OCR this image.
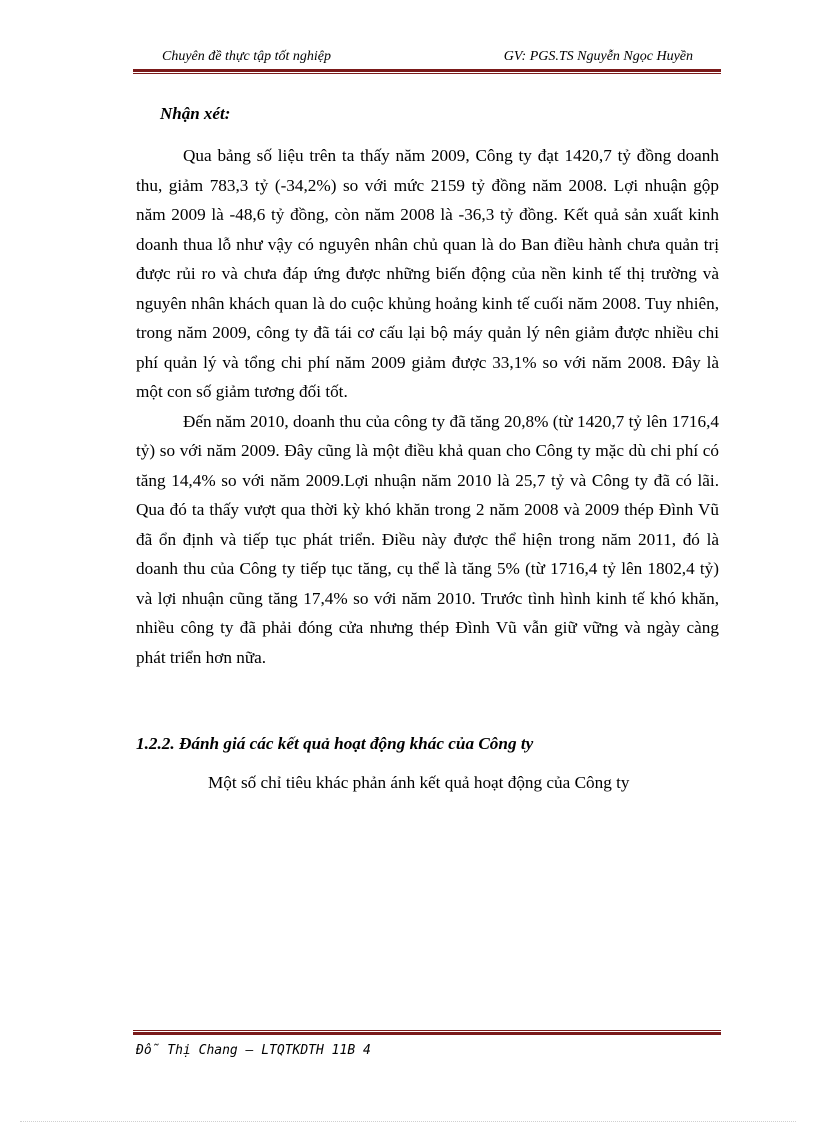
Chuyên đề thực tập tốt nghiệp	GV: PGS.TS Nguyễn Ngọc Huyền
Nhận xét:

Qua bảng số liệu trên ta thấy năm 2009, Công ty đạt 1420,7 tỷ đồng doanh thu, giảm 783,3 tỷ (-34,2%) so với mức 2159 tỷ đồng năm 2008. Lợi nhuận gộp năm 2009 là -48,6 tỷ đồng, còn năm 2008 là -36,3 tỷ đồng. Kết quả sản xuất kinh doanh thua lỗ như vậy có nguyên nhân chủ quan là do Ban điều hành chưa quản trị được rủi ro và chưa đáp ứng được những biến động của nền kinh tế thị trường và nguyên nhân khách quan là do cuộc khủng hoảng kinh tế cuối năm 2008. Tuy nhiên, trong năm 2009, công ty đã tái cơ cấu lại bộ máy quản lý nên giảm được nhiều chi phí quản lý và tổng chi phí năm 2009 giảm được 33,1% so với năm 2008. Đây là một con số giảm tương đối tốt.

Đến năm 2010, doanh thu của công ty đã tăng 20,8% (từ 1420,7 tỷ lên 1716,4 tỷ) so với năm 2009. Đây cũng là một điều khả quan cho Công ty mặc dù chi phí có tăng 14,4% so với năm 2009.Lợi nhuận năm 2010 là 25,7 tỷ và Công ty đã có lãi. Qua đó ta thấy vượt qua thời kỳ khó khăn trong 2 năm 2008 và 2009 thép Đình Vũ đã ổn định và tiếp tục phát triển. Điều này được thể hiện trong năm 2011, đó là doanh thu của Công ty tiếp tục tăng, cụ thể là tăng 5% (từ 1716,4 tỷ lên 1802,4 tỷ) và lợi nhuận cũng tăng 17,4% so với năm 2010. Trước tình hình kinh tế khó khăn, nhiều công ty đã phải đóng cửa nhưng thép Đình Vũ vẫn giữ vững và ngày càng phát triển hơn nữa.

1.2.2. Đánh giá các kết quả hoạt động khác của Công ty

Một số chỉ tiêu khác phản ánh kết quả hoạt động của Công ty

Đỗ Thị Chang – LTQTKDTH 11B 4
